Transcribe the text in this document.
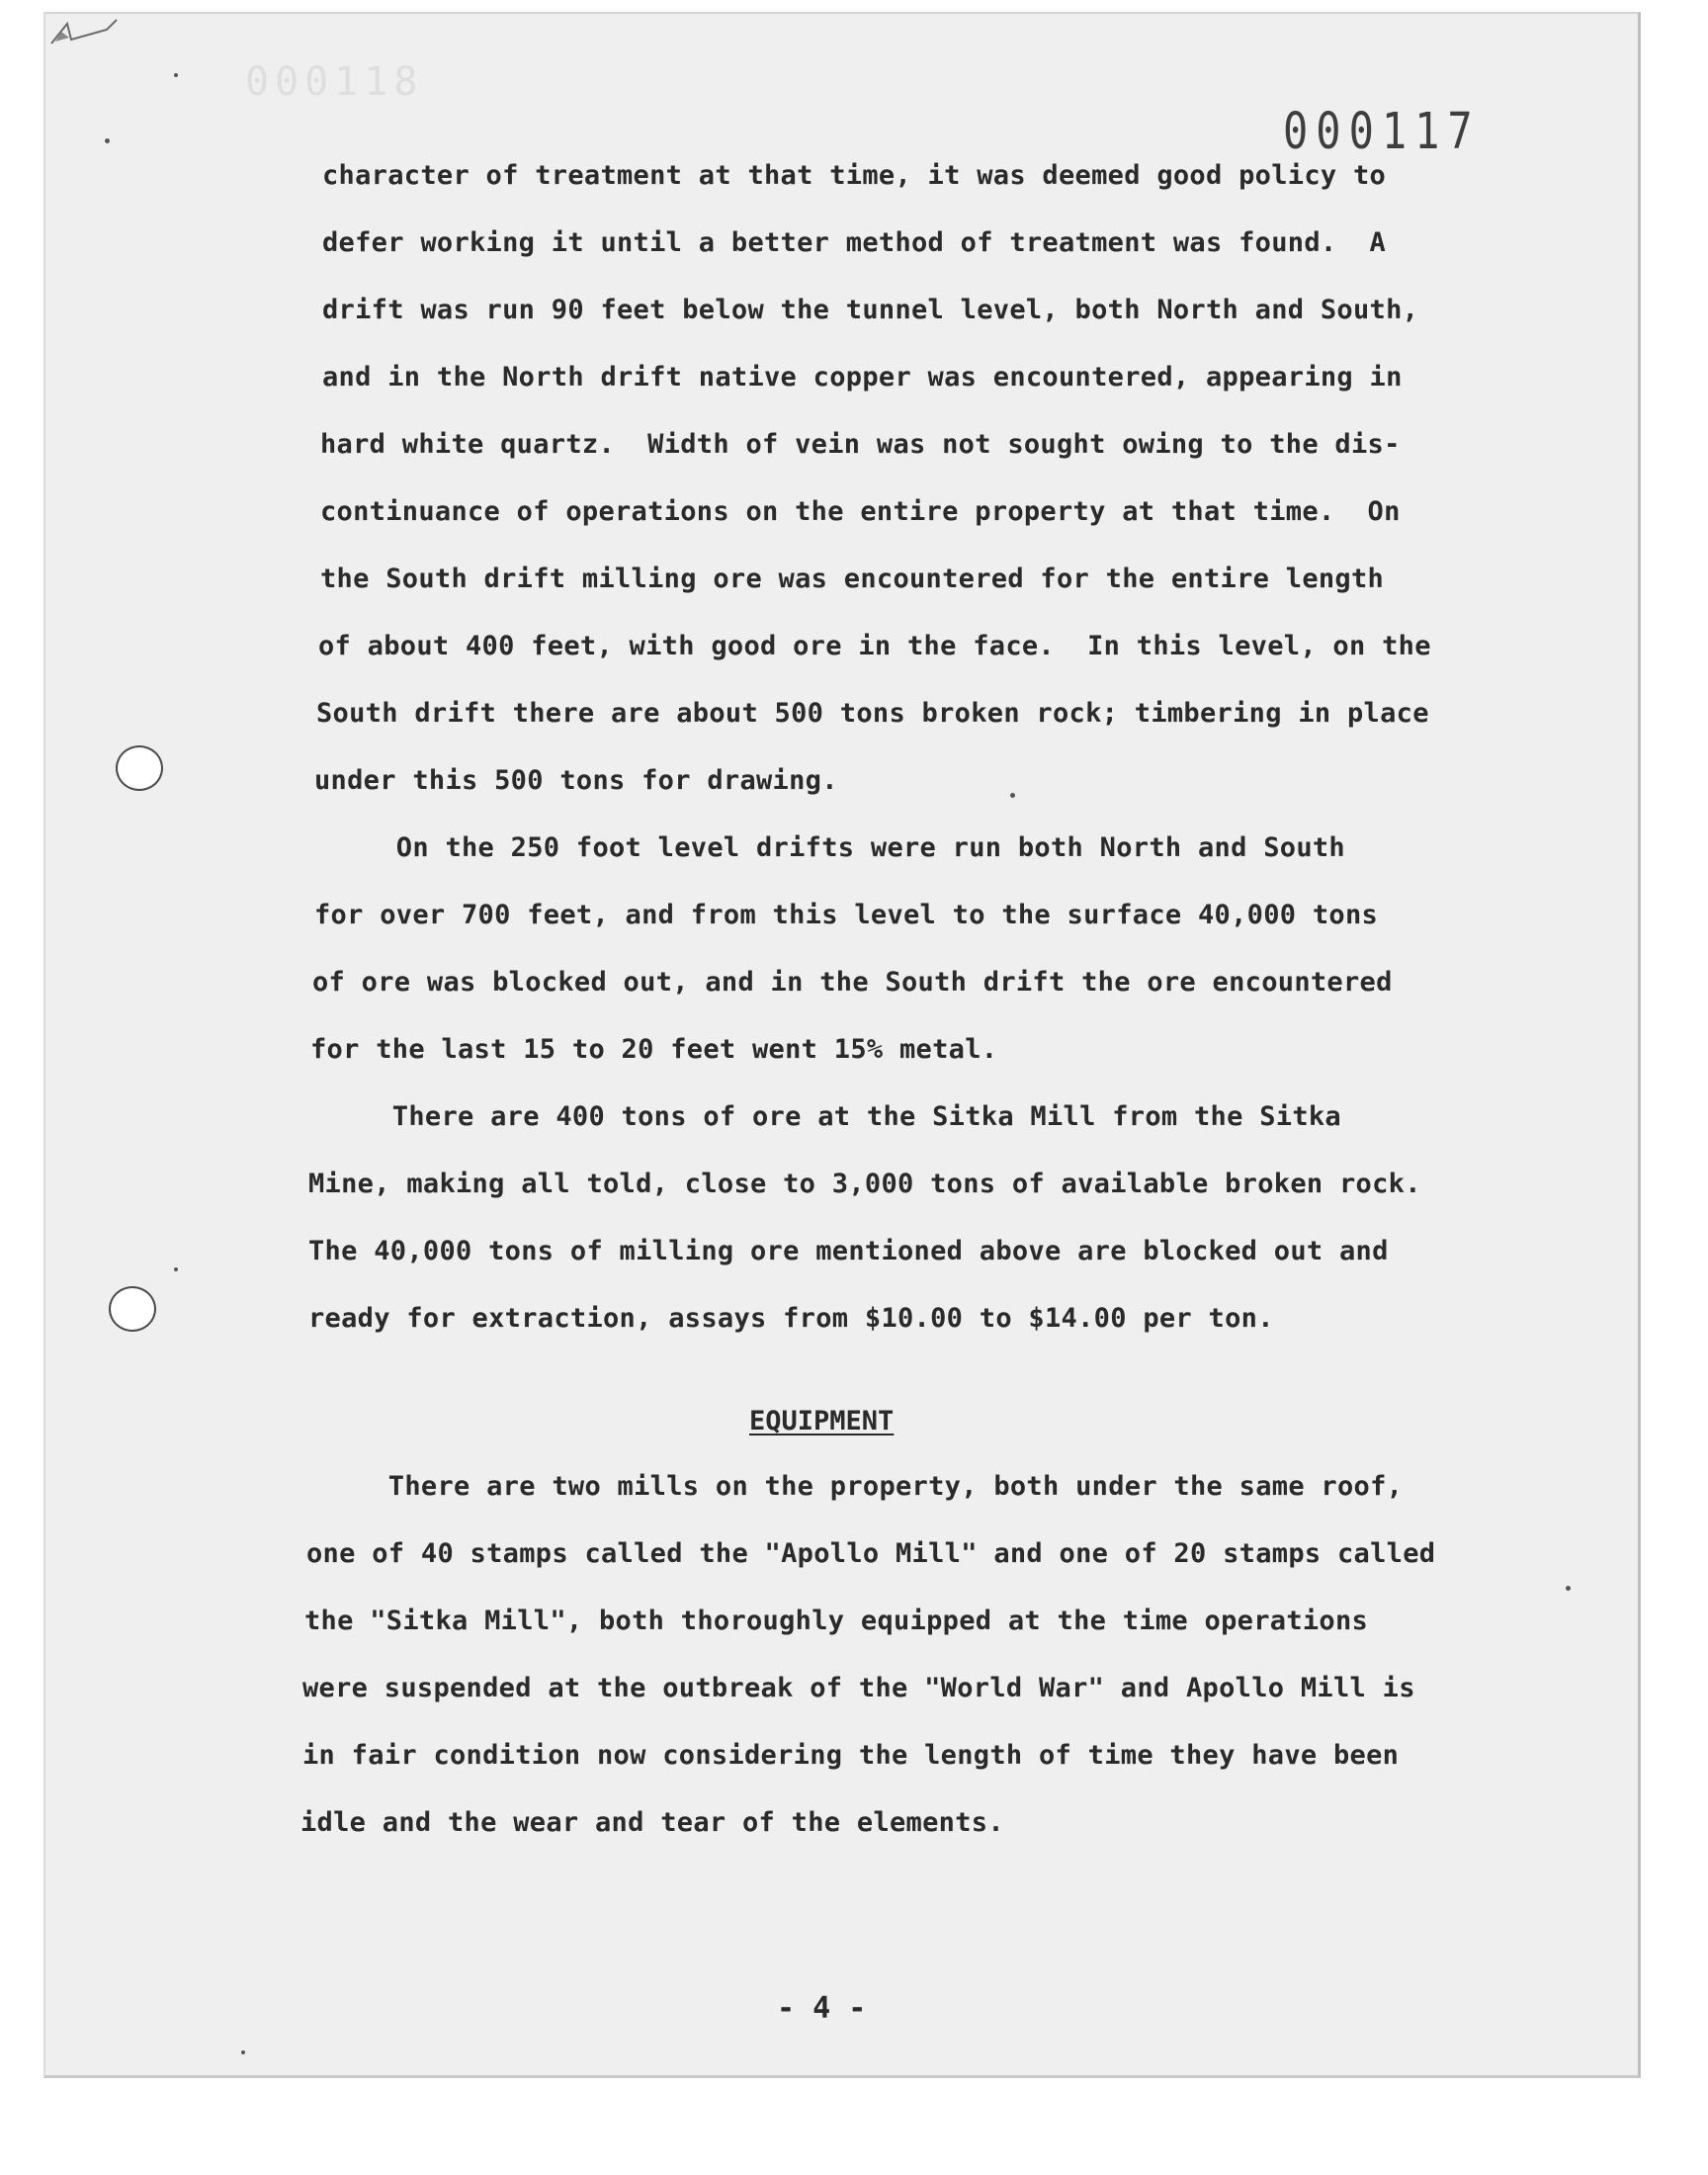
000118
000117
character of treatment at that time, it was deemed good policy to
defer working it until a better method of treatment was found.  A
drift was run 90 feet below the tunnel level, both North and South,
and in the North drift native copper was encountered, appearing in
hard white quartz.  Width of vein was not sought owing to the dis-
continuance of operations on the entire property at that time.  On
the South drift milling ore was encountered for the entire length
of about 400 feet, with good ore in the face.  In this level, on the
South drift there are about 500 tons broken rock; timbering in place
under this 500 tons for drawing.
On the 250 foot level drifts were run both North and South
for over 700 feet, and from this level to the surface 40,000 tons
of ore was blocked out, and in the South drift the ore encountered
for the last 15 to 20 feet went 15% metal.
There are 400 tons of ore at the Sitka Mill from the Sitka
Mine, making all told, close to 3,000 tons of available broken rock.
The 40,000 tons of milling ore mentioned above are blocked out and
ready for extraction, assays from $10.00 to $14.00 per ton.
EQUIPMENT
There are two mills on the property, both under the same roof,
one of 40 stamps called the "Apollo Mill" and one of 20 stamps called
the "Sitka Mill", both thoroughly equipped at the time operations
were suspended at the outbreak of the "World War" and Apollo Mill is
in fair condition now considering the length of time they have been
idle and the wear and tear of the elements.
- 4 -
